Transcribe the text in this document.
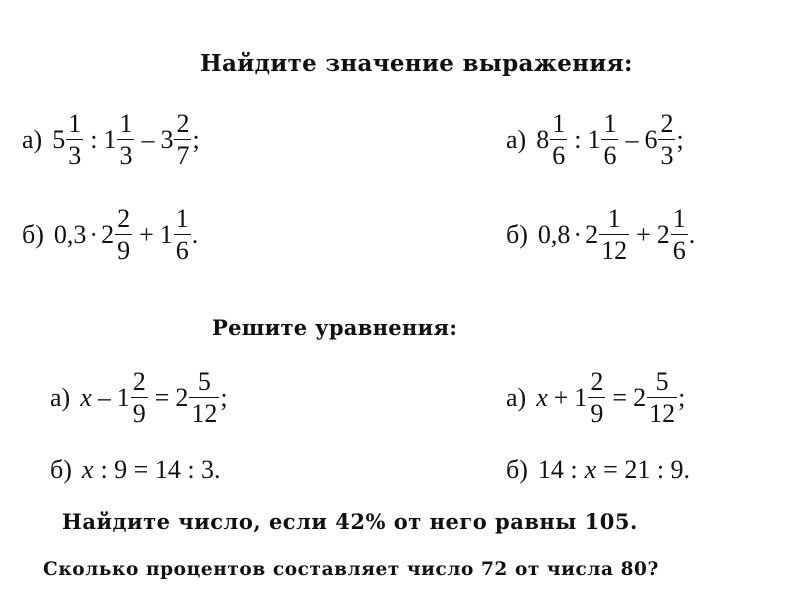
Найдите значение выражения:
а) $5 \frac{1}{3}$ : $1 \frac{1}{3} - 3 \frac{2}{7}$ ;	а) $8 \frac{1}{6}$ : $1 \frac{1}{6} - 6 \frac{2}{3}$ ;
б) $0,3 \cdot 2 \frac{2}{9} + 1 \frac{1}{6}$ .	б) $0,8 \cdot 2 \frac{1}{12} + 2 \frac{1}{6}$ .
Решите уравнения:
а) $x - 1 \frac{2}{9} = 2 \frac{5}{12}$ ;	а) $x + 1 \frac{2}{9} = 2 \frac{5}{12}$ ;
б) x : 9 = 14 : 3.	б) 14 : x = 21 : 9.
Найдите число, если 42% от него равны 105.
Сколько процентов составляет число 72 от числа 80?
